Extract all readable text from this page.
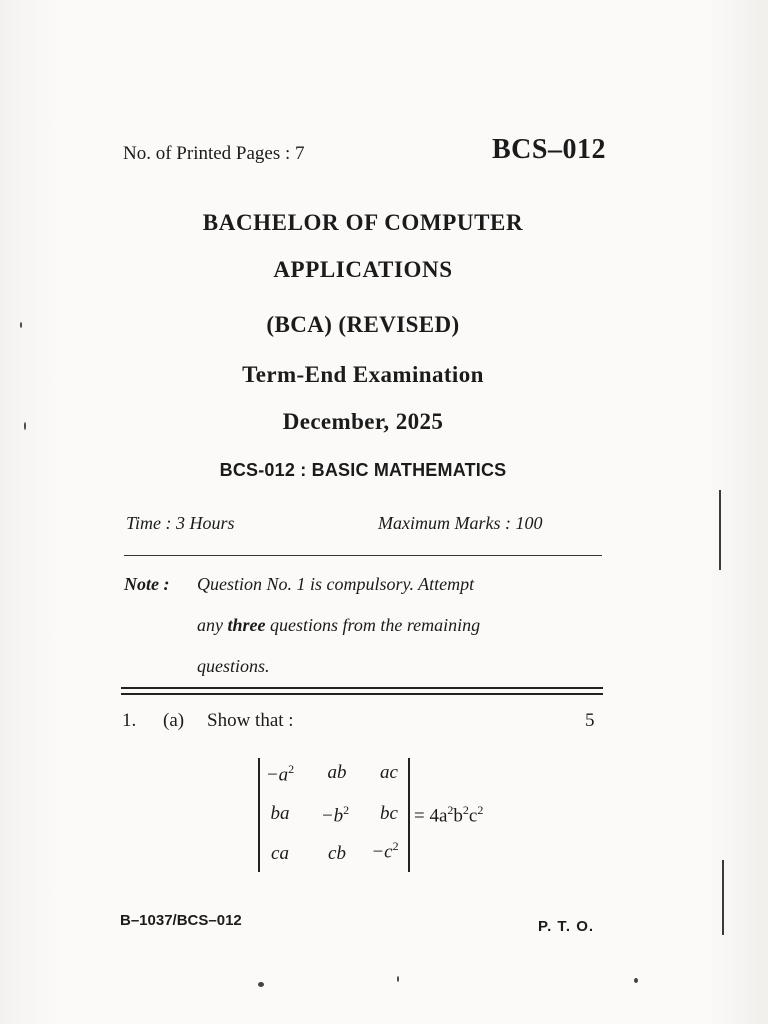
No. of Printed Pages : 7	BCS–012
BACHELOR OF COMPUTER
APPLICATIONS
(BCA) (REVISED)
Term-End Examination
December, 2025
BCS-012 : BASIC MATHEMATICS
Time : 3 Hours	Maximum Marks : 100
Note : Question No. 1 is compulsory. Attempt
any three questions from the remaining
questions.
1. (a) Show that :	5
$-a^2$	ab	ac
ba	$-b^2$	bc
ca	cb	$-c^2$
= $4a^2b^2c^2$
B–1037/BCS–012	P. T. O.
